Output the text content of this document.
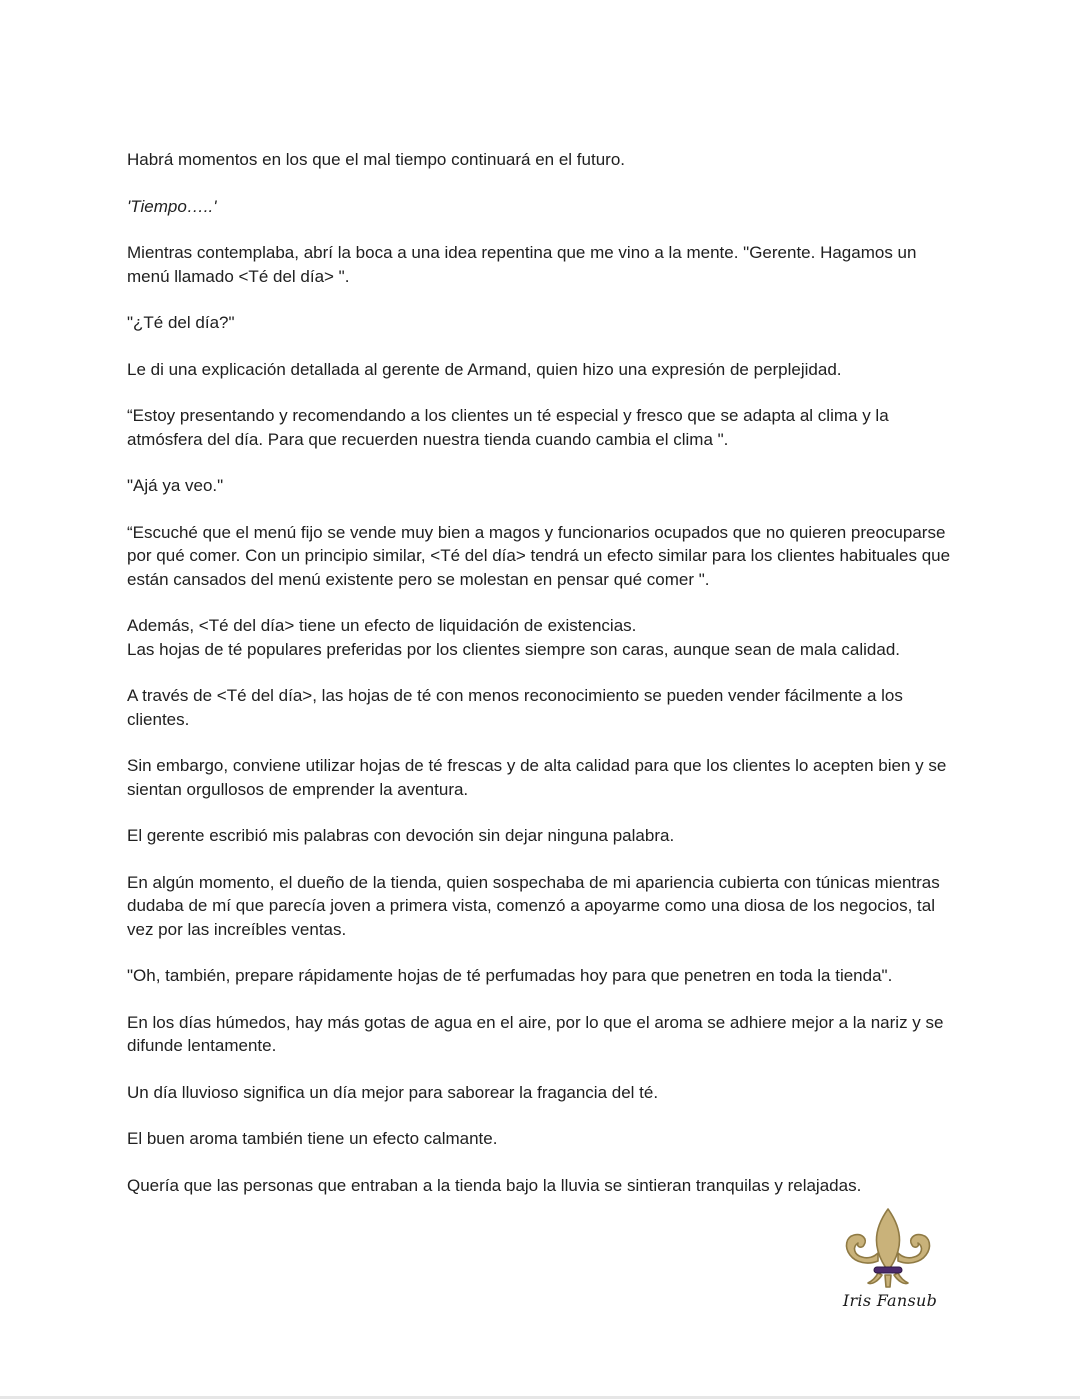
Habrá momentos en los que el mal tiempo continuará en el futuro.

'Tiempo…..'

Mientras contemplaba, abrí la boca a una idea repentina que me vino a la mente. "Gerente. Hagamos un menú llamado <Té del día> ".

"¿Té del día?"

Le di una explicación detallada al gerente de Armand, quien hizo una expresión de perplejidad.

“Estoy presentando y recomendando a los clientes un té especial y fresco que se adapta al clima y la atmósfera del día. Para que recuerden nuestra tienda cuando cambia el clima ".

"Ajá ya veo."

“Escuché que el menú fijo se vende muy bien a magos y funcionarios ocupados que no quieren preocuparse por qué comer. Con un principio similar, <Té del día> tendrá un efecto similar para los clientes habituales que están cansados del menú existente pero se molestan en pensar qué comer ".

Además, <Té del día> tiene un efecto de liquidación de existencias.

Las hojas de té populares preferidas por los clientes siempre son caras, aunque sean de mala calidad.

A través de <Té del día>, las hojas de té con menos reconocimiento se pueden vender fácilmente a los clientes.

Sin embargo, conviene utilizar hojas de té frescas y de alta calidad para que los clientes lo acepten bien y se sientan orgullosos de emprender la aventura.

El gerente escribió mis palabras con devoción sin dejar ninguna palabra.

En algún momento, el dueño de la tienda, quien sospechaba de mi apariencia cubierta con túnicas mientras dudaba de mí que parecía joven a primera vista, comenzó a apoyarme como una diosa de los negocios, tal vez por las increíbles ventas.

"Oh, también, prepare rápidamente hojas de té perfumadas hoy para que penetren en toda la tienda".

En los días húmedos, hay más gotas de agua en el aire, por lo que el aroma se adhiere mejor a la nariz y se difunde lentamente.

Un día lluvioso significa un día mejor para saborear la fragancia del té.

El buen aroma también tiene un efecto calmante.

Quería que las personas que entraban a la tienda bajo la lluvia se sintieran tranquilas y relajadas.

Iris Fansub
